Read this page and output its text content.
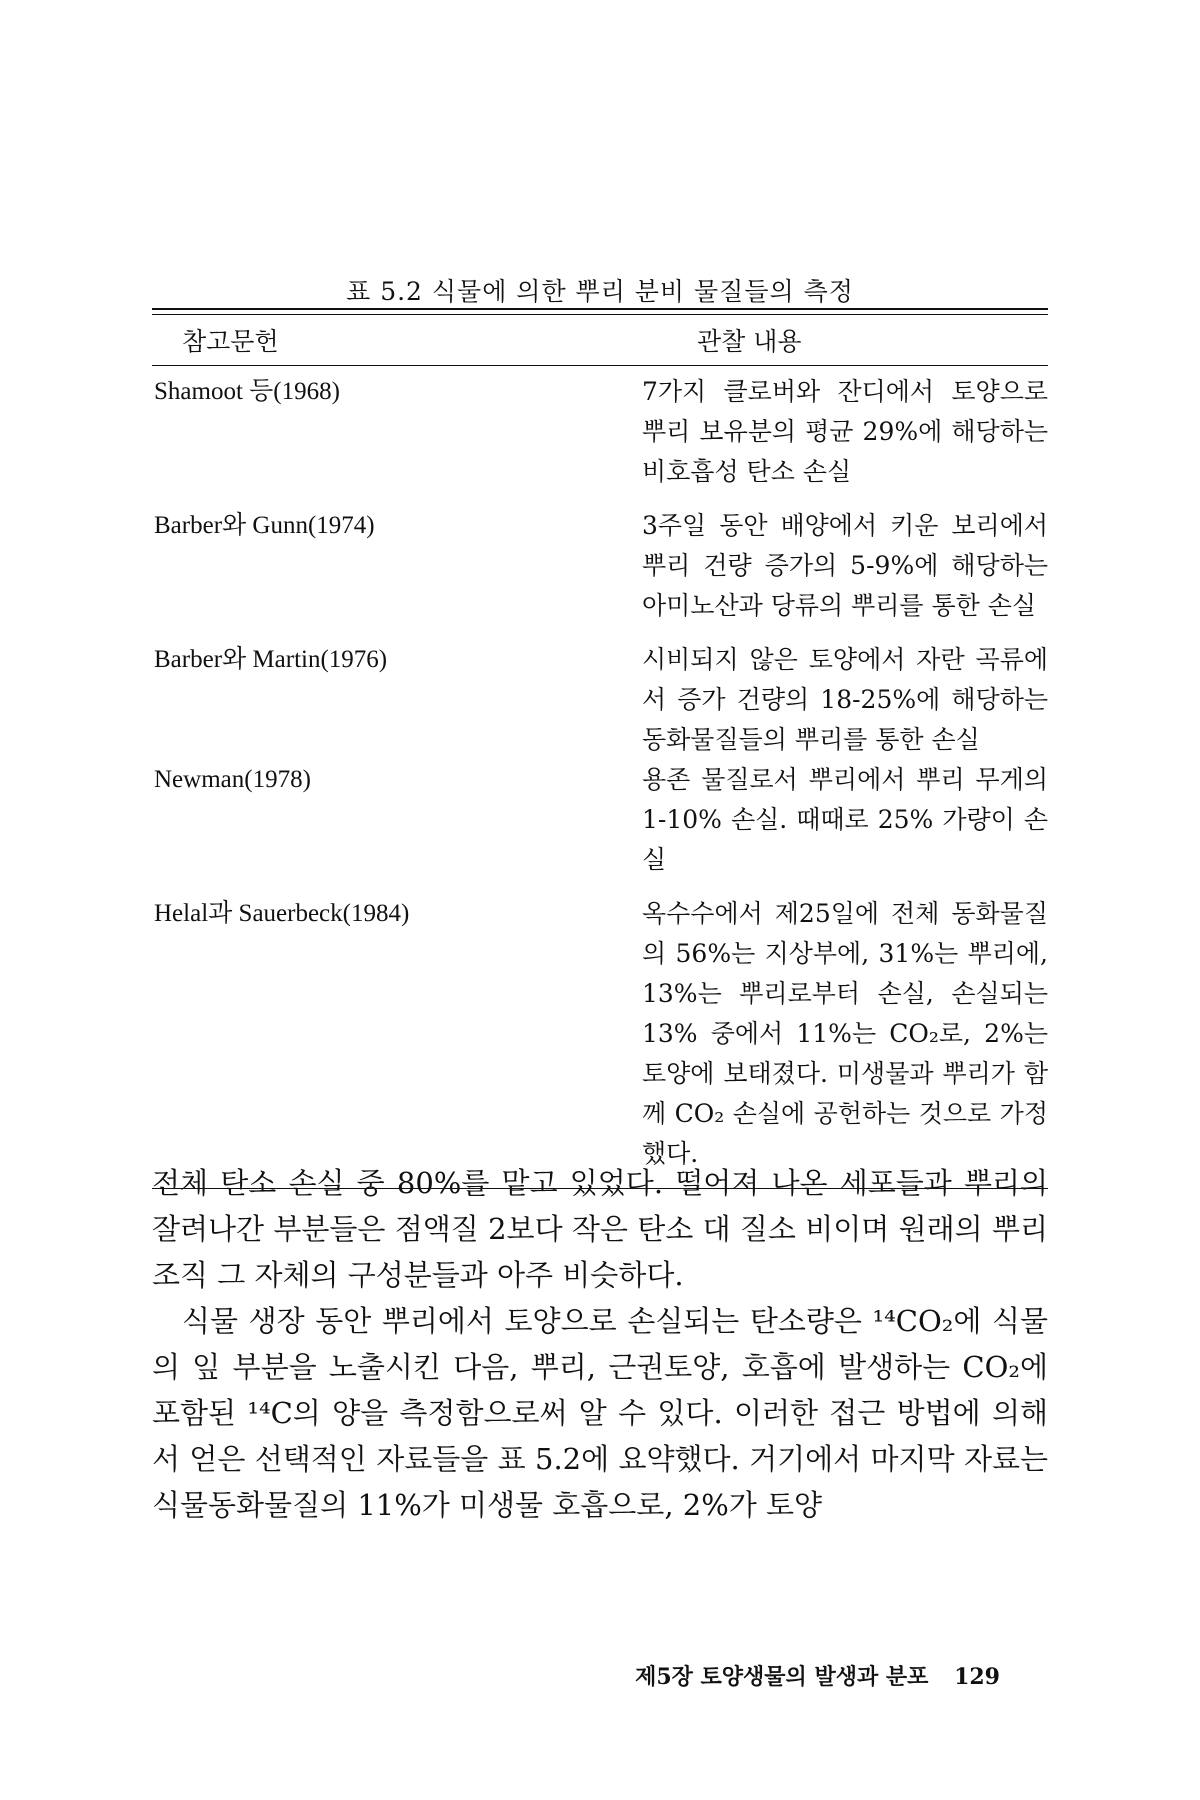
표 5.2 식물에 의한 뿌리 분비 물질들의 측정
참고문헌	관찰 내용
Shamoot 등(1968)	7가지 클로버와 잔디에서 토양으로 뿌리 보유분의 평균 29%에 해당하는 비호흡성 탄소 손실
Barber와 Gunn(1974)	3주일 동안 배양에서 키운 보리에서 뿌리 건량 증가의 5-9%에 해당하는 아미노산과 당류의 뿌리를 통한 손실
Barber와 Martin(1976)	시비되지 않은 토양에서 자란 곡류에서 증가 건량의 18-25%에 해당하는 동화물질들의 뿌리를 통한 손실
Newman(1978)	용존 물질로서 뿌리에서 뿌리 무게의 1-10% 손실. 때때로 25% 가량이 손실
Helal과 Sauerbeck(1984)	옥수수에서 제25일에 전체 동화물질의 56%는 지상부에, 31%는 뿌리에, 13%는 뿌리로부터 손실, 손실되는 13% 중에서 11%는 CO₂로, 2%는 토양에 보태졌다. 미생물과 뿌리가 함께 CO₂ 손실에 공헌하는 것으로 가정했다.

전체 탄소 손실 중 80%를 맡고 있었다. 떨어져 나온 세포들과 뿌리의 잘려나간 부분들은 점액질 2보다 작은 탄소 대 질소 비이며 원래의 뿌리 조직 그 자체의 구성분들과 아주 비슷하다.

식물 생장 동안 뿌리에서 토양으로 손실되는 탄소량은 ¹⁴CO₂에 식물의 잎 부분을 노출시킨 다음, 뿌리, 근권토양, 호흡에 발생하는 CO₂에 포함된 ¹⁴C의 양을 측정함으로써 알 수 있다. 이러한 접근 방법에 의해서 얻은 선택적인 자료들을 표 5.2에 요약했다. 거기에서 마지막 자료는 식물동화물질의 11%가 미생물 호흡으로, 2%가 토양

제5장 토양생물의 발생과 분포 129
